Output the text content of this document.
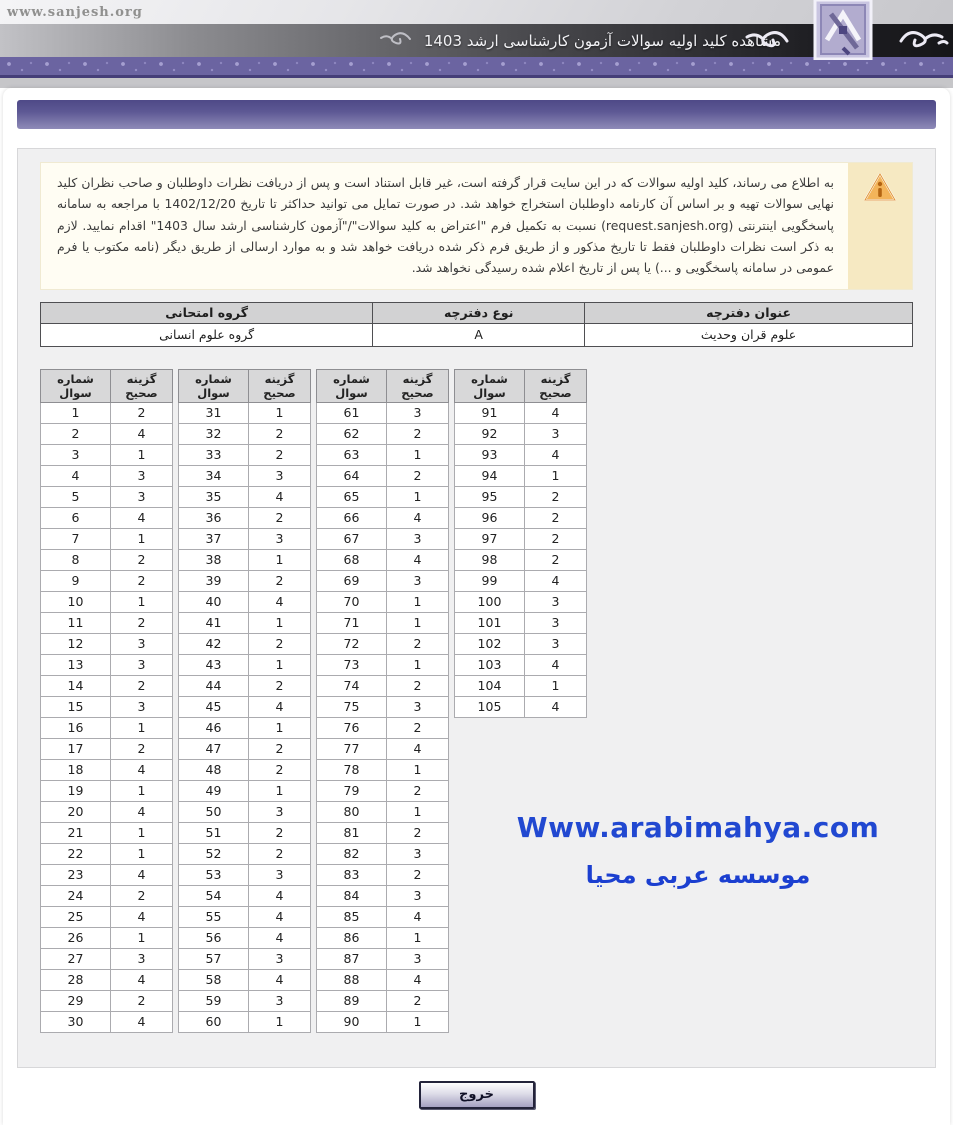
www.sanjesh.org
مشاهده کلید اولیه سوالات آزمون کارشناسی ارشد 1403
به اطلاع می رساند، کلید اولیه سوالات که در این سایت قرار گرفته است، غیر قابل استناد است و پس از دریافت نظرات داوطلبان و صاحب نظران کلید نهایی سوالات تهیه و بر اساس آن کارنامه داوطلبان استخراج خواهد شد. در صورت تمایل می توانید حداکثر تا تاریخ 1402/12/20 با مراجعه به سامانه پاسخگویی اینترنتی (request.sanjesh.org) نسبت به تکمیل فرم "اعتراض به کلید سوالات"/"آزمون کارشناسی ارشد سال 1403" اقدام نمایید. لازم به ذکر است نظرات داوطلبان فقط تا تاریخ مذکور و از طریق فرم ذکر شده دریافت خواهد شد و به موارد ارسالی از طریق دیگر (نامه مکتوب یا فرم عمومی در سامانه پاسخگویی و ...) یا پس از تاریخ اعلام شده رسیدگی نخواهد شد.
عنوان دفترچه	نوع دفترچه	گروه امتحانی
علوم قران وحدیث	A	گروه علوم انسانی
شماره سوال	گزینه صحیح
1	2
2	4
3	1
4	3
5	3
6	4
7	1
8	2
9	2
10	1
11	2
12	3
13	3
14	2
15	3
16	1
17	2
18	4
19	1
20	4
21	1
22	1
23	4
24	2
25	4
26	1
27	3
28	4
29	2
30	4
شماره سوال	گزینه صحیح
31	1
32	2
33	2
34	3
35	4
36	2
37	3
38	1
39	2
40	4
41	1
42	2
43	1
44	2
45	4
46	1
47	2
48	2
49	1
50	3
51	2
52	2
53	3
54	4
55	4
56	4
57	3
58	4
59	3
60	1
شماره سوال	گزینه صحیح
61	3
62	2
63	1
64	2
65	1
66	4
67	3
68	4
69	3
70	1
71	1
72	2
73	1
74	2
75	3
76	2
77	4
78	1
79	2
80	1
81	2
82	3
83	2
84	3
85	4
86	1
87	3
88	4
89	2
90	1
شماره سوال	گزینه صحیح
91	4
92	3
93	4
94	1
95	2
96	2
97	2
98	2
99	4
100	3
101	3
102	3
103	4
104	1
105	4
Www.arabimahya.com
موسسه عربی محیا
خروج
